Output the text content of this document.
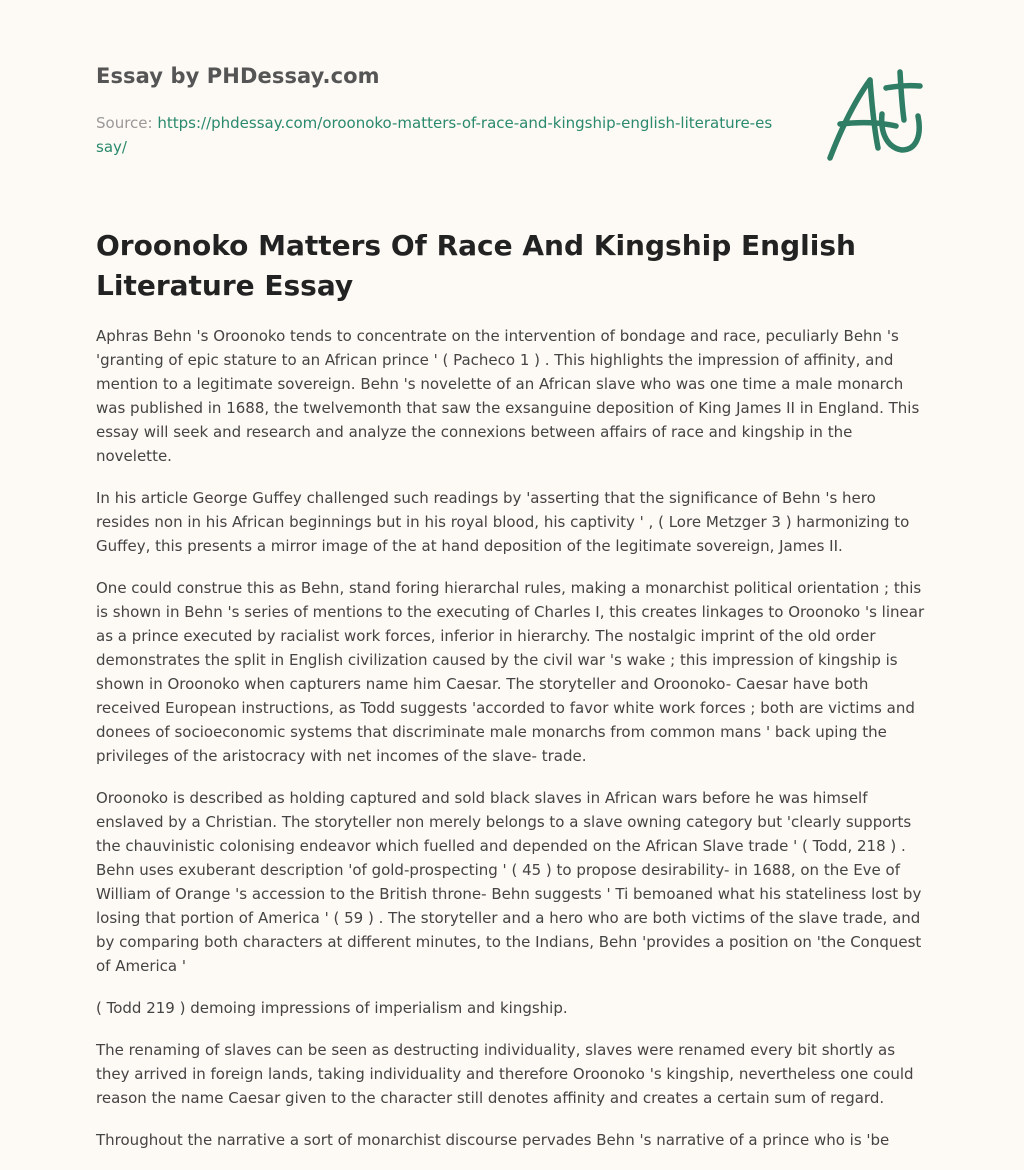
Essay by PHDessay.com

Source: https://phdessay.com/oroonoko-matters-of-race-and-kingship-english-literature-essay/

Oroonoko Matters Of Race And Kingship English Literature Essay

Aphras Behn 's Oroonoko tends to concentrate on the intervention of bondage and race, peculiarly Behn 's 'granting of epic stature to an African prince ' ( Pacheco 1 ) . This highlights the impression of affinity, and mention to a legitimate sovereign. Behn 's novelette of an African slave who was one time a male monarch was published in 1688, the twelvemonth that saw the exsanguine deposition of King James II in England. This essay will seek and research and analyze the connexions between affairs of race and kingship in the novelette.

In his article George Guffey challenged such readings by 'asserting that the significance of Behn 's hero resides non in his African beginnings but in his royal blood, his captivity ' , ( Lore Metzger 3 ) harmonizing to Guffey, this presents a mirror image of the at hand deposition of the legitimate sovereign, James II.

One could construe this as Behn, stand foring hierarchal rules, making a monarchist political orientation ; this is shown in Behn 's series of mentions to the executing of Charles I, this creates linkages to Oroonoko 's linear as a prince executed by racialist work forces, inferior in hierarchy. The nostalgic imprint of the old order demonstrates the split in English civilization caused by the civil war 's wake ; this impression of kingship is shown in Oroonoko when capturers name him Caesar. The storyteller and Oroonoko- Caesar have both received European instructions, as Todd suggests 'accorded to favor white work forces ; both are victims and donees of socioeconomic systems that discriminate male monarchs from common mans ' back uping the privileges of the aristocracy with net incomes of the slave- trade.

Oroonoko is described as holding captured and sold black slaves in African wars before he was himself enslaved by a Christian. The storyteller non merely belongs to a slave owning category but 'clearly supports the chauvinistic colonising endeavor which fuelled and depended on the African Slave trade ' ( Todd, 218 ) . Behn uses exuberant description 'of gold-prospecting ' ( 45 ) to propose desirability- in 1688, on the Eve of William of Orange 's accession to the British throne- Behn suggests ' Ti bemoaned what his stateliness lost by losing that portion of America ' ( 59 ) . The storyteller and a hero who are both victims of the slave trade, and by comparing both characters at different minutes, to the Indians, Behn 'provides a position on 'the Conquest of America '

( Todd 219 ) demoing impressions of imperialism and kingship.

The renaming of slaves can be seen as destructing individuality, slaves were renamed every bit shortly as they arrived in foreign lands, taking individuality and therefore Oroonoko 's kingship, nevertheless one could reason the name Caesar given to the character still denotes affinity and creates a certain sum of regard.

Throughout the narrative a sort of monarchist discourse pervades Behn 's narrative of a prince who is 'be
